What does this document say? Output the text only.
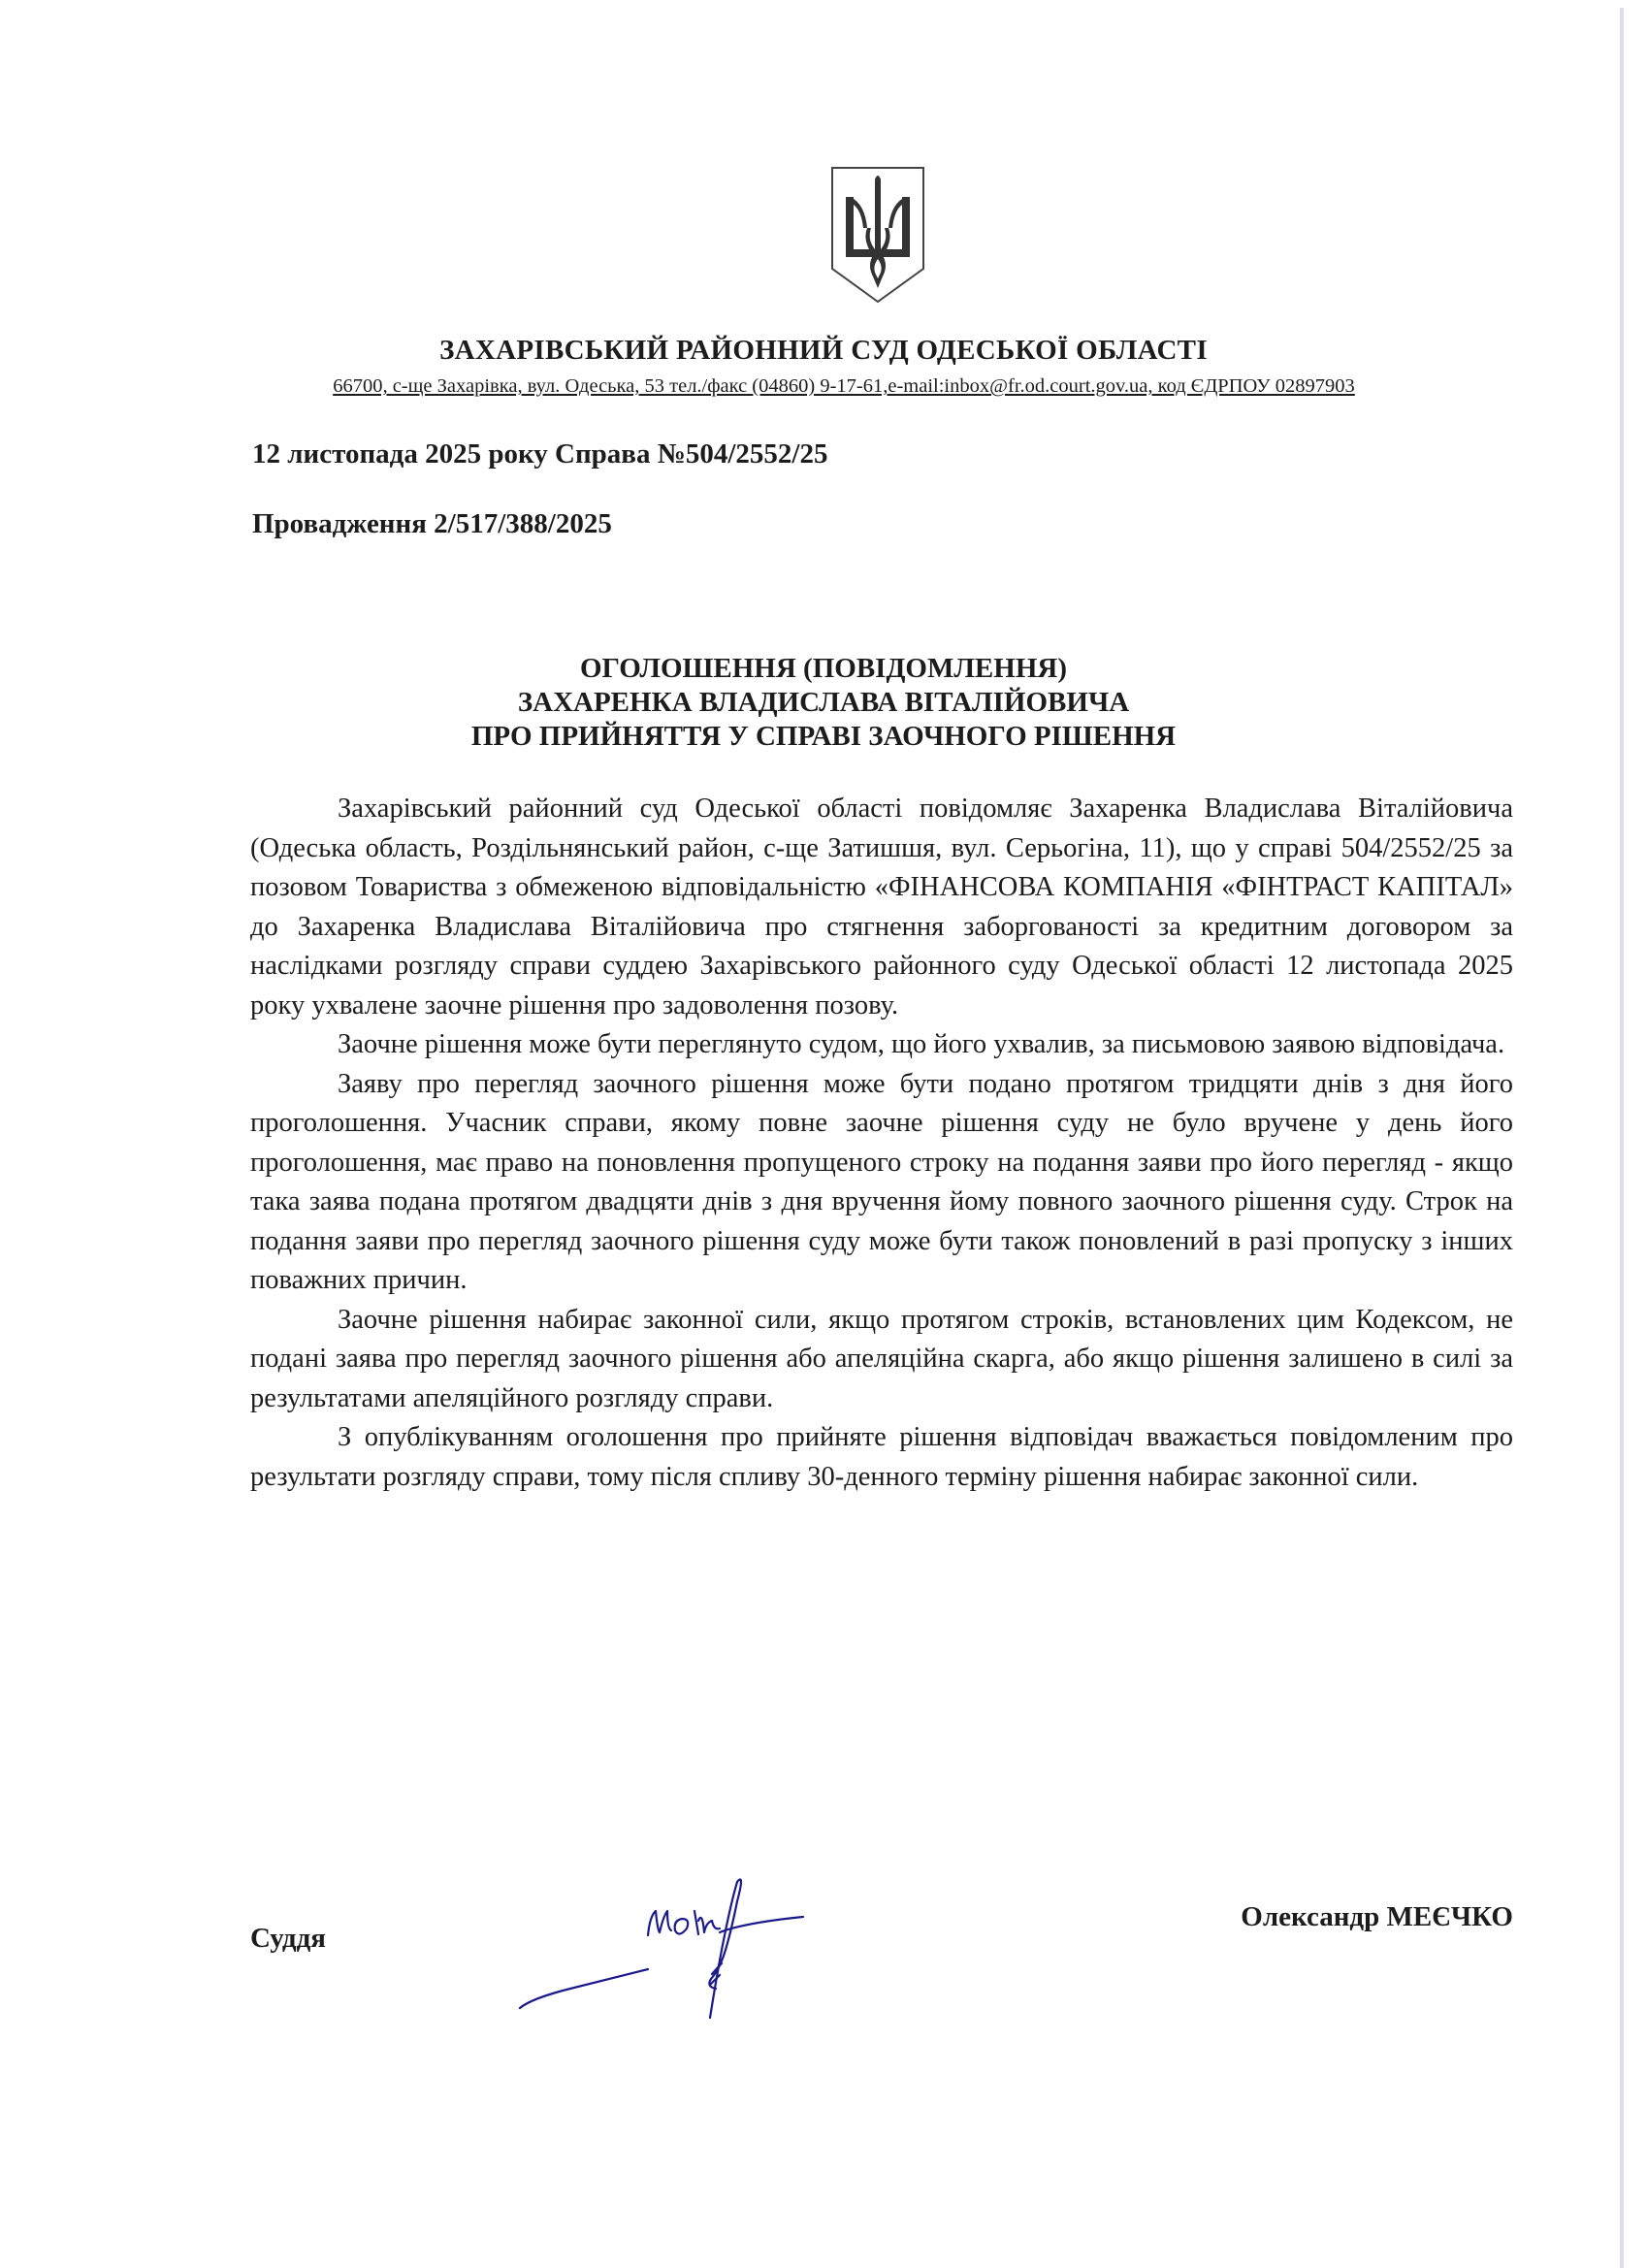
ЗАХАРІВСЬКИЙ РАЙОННИЙ СУД ОДЕСЬКОЇ ОБЛАСТІ
66700, с-ще Захарівка, вул. Одеська, 53 тел./факс (04860) 9-17-61,e-mail:inbox@fr.od.court.gov.ua, код ЄДРПОУ 02897903
12 листопада 2025 року Справа №504/2552/25
Провадження 2/517/388/2025
ОГОЛОШЕННЯ (ПОВІДОМЛЕННЯ)
ЗАХАРЕНКА ВЛАДИСЛАВА ВІТАЛІЙОВИЧА
ПРО ПРИЙНЯТТЯ У СПРАВІ ЗАОЧНОГО РІШЕННЯ

Захарівський районний суд Одеської області повідомляє Захаренка Владислава Віталійовича (Одеська область, Роздільнянський район, с-ще Затишшя, вул. Серьогіна, 11), що у справі 504/2552/25 за позовом Товариства з обмеженою відповідальністю «ФІНАНСОВА КОМПАНІЯ «ФІНТРАСТ КАПІТАЛ» до Захаренка Владислава Віталійовича про стягнення заборгованості за кредитним договором за наслідками розгляду справи суддею Захарівського районного суду Одеської області 12 листопада 2025 року ухвалене заочне рішення про задоволення позову.

Заочне рішення може бути переглянуто судом, що його ухвалив, за письмовою заявою відповідача.

Заяву про перегляд заочного рішення може бути подано протягом тридцяти днів з дня його проголошення. Учасник справи, якому повне заочне рішення суду не було вручене у день його проголошення, має право на поновлення пропущеного строку на подання заяви про його перегляд - якщо така заява подана протягом двадцяти днів з дня вручення йому повного заочного рішення суду. Строк на подання заяви про перегляд заочного рішення суду може бути також поновлений в разі пропуску з інших поважних причин.

Заочне рішення набирає законної сили, якщо протягом строків, встановлених цим Кодексом, не подані заява про перегляд заочного рішення або апеляційна скарга, або якщо рішення залишено в силі за результатами апеляційного розгляду справи.

З опублікуванням оголошення про прийняте рішення відповідач вважається повідомленим про результати розгляду справи, тому після спливу 30-денного терміну рішення набирає законної сили.

Суддя
Олександр МЕЄЧКО
